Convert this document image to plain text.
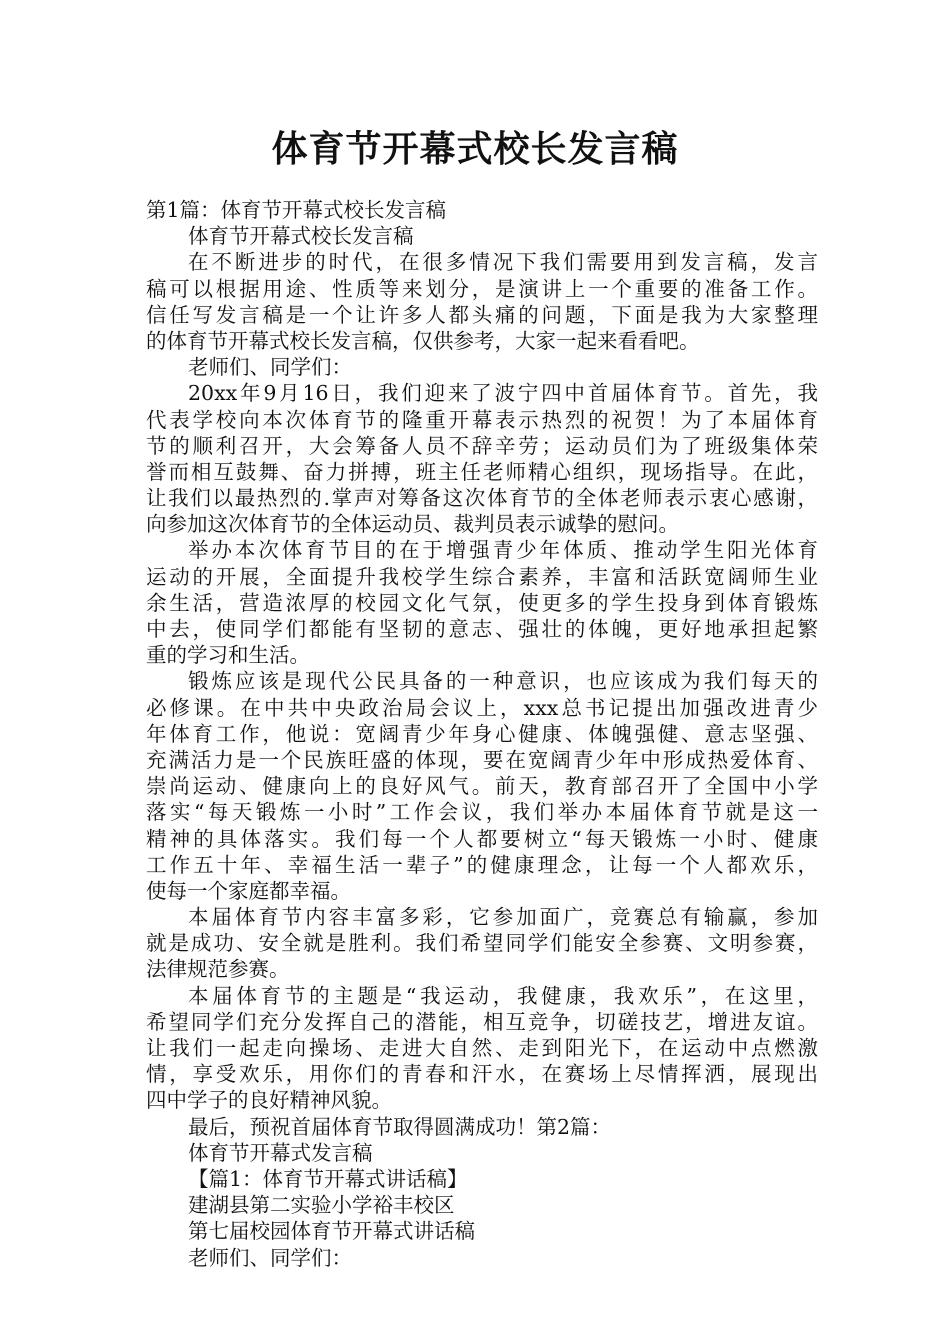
体育节开幕式校长发言稿
第1篇：体育节开幕式校长发言稿
体育节开幕式校长发言稿
在不断进步的时代，在很多情况下我们需要用到发言稿，发言
稿可以根据用途、性质等来划分，是演讲上一个重要的准备工作。
信任写发言稿是一个让许多人都头痛的问题，下面是我为大家整理
的体育节开幕式校长发言稿，仅供参考，大家一起来看看吧。
老师们、同学们：
20xx年9月16日，我们迎来了波宁四中首届体育节。首先，我
代表学校向本次体育节的隆重开幕表示热烈的祝贺！为了本届体育
节的顺利召开，大会筹备人员不辞辛劳；运动员们为了班级集体荣
誉而相互鼓舞、奋力拼搏，班主任老师精心组织，现场指导。在此，
让我们以最热烈的.掌声对筹备这次体育节的全体老师表示衷心感谢，
向参加这次体育节的全体运动员、裁判员表示诚挚的慰问。
举办本次体育节目的在于增强青少年体质、推动学生阳光体育
运动的开展，全面提升我校学生综合素养，丰富和活跃宽阔师生业
余生活，营造浓厚的校园文化气氛，使更多的学生投身到体育锻炼
中去，使同学们都能有坚韧的意志、强壮的体魄，更好地承担起繁
重的学习和生活。
锻炼应该是现代公民具备的一种意识，也应该成为我们每天的
必修课。在中共中央政治局会议上，xxx总书记提出加强改进青少
年体育工作，他说：宽阔青少年身心健康、体魄强健、意志坚强、
充满活力是一个民族旺盛的体现，要在宽阔青少年中形成热爱体育、
崇尚运动、健康向上的良好风气。前天，教育部召开了全国中小学
落实“每天锻炼一小时”工作会议，我们举办本届体育节就是这一
精神的具体落实。我们每一个人都要树立“每天锻炼一小时、健康
工作五十年、幸福生活一辈子”的健康理念，让每一个人都欢乐，
使每一个家庭都幸福。
本届体育节内容丰富多彩，它参加面广，竞赛总有输赢，参加
就是成功、安全就是胜利。我们希望同学们能安全参赛、文明参赛，
法律规范参赛。
本届体育节的主题是“我运动，我健康，我欢乐”，在这里，
希望同学们充分发挥自己的潜能，相互竞争，切磋技艺，增进友谊。
让我们一起走向操场、走进大自然、走到阳光下，在运动中点燃激
情，享受欢乐，用你们的青春和汗水，在赛场上尽情挥洒，展现出
四中学子的良好精神风貌。
最后，预祝首届体育节取得圆满成功！第2篇：
体育节开幕式发言稿
【篇1：体育节开幕式讲话稿】
建湖县第二实验小学裕丰校区
第七届校园体育节开幕式讲话稿
老师们、同学们：
